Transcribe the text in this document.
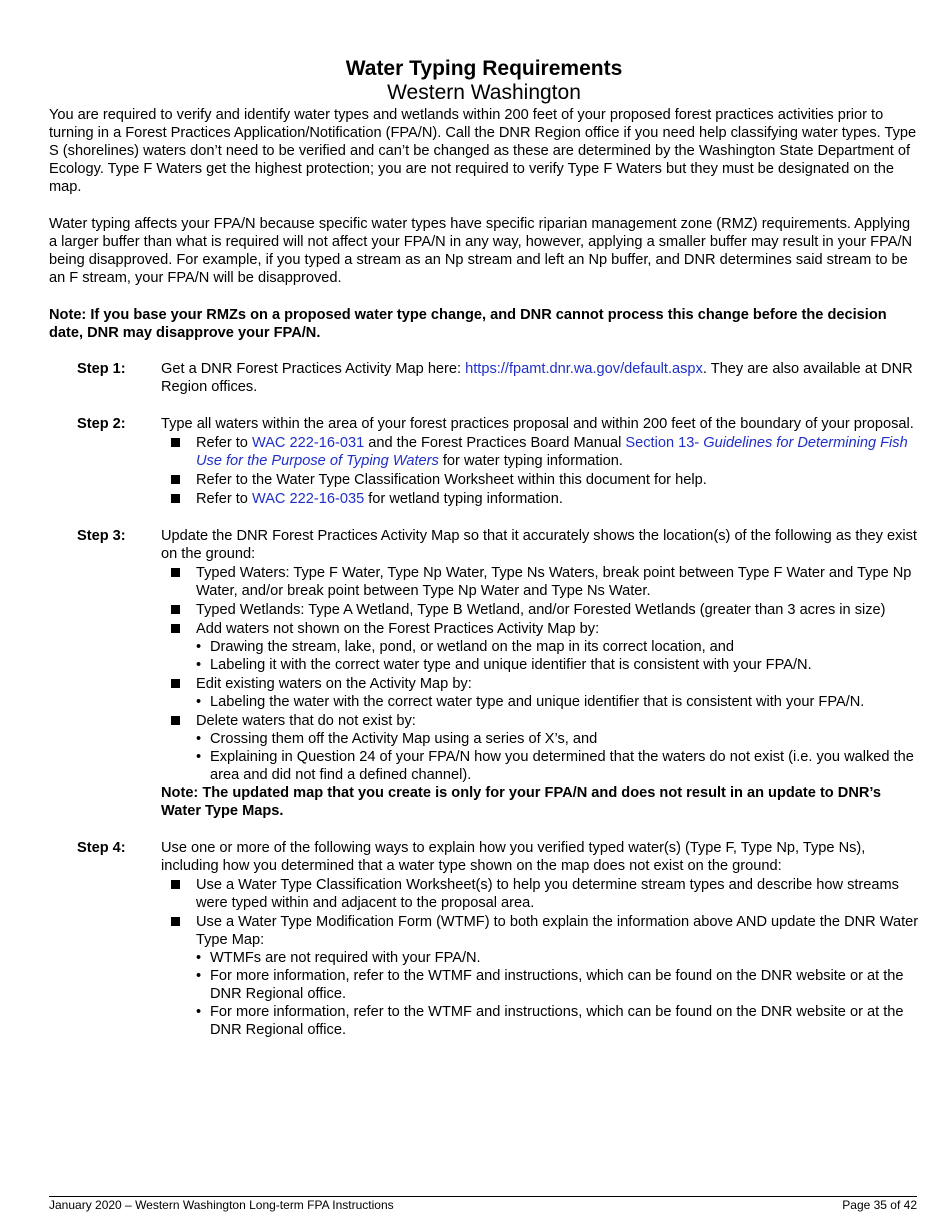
Water Typing Requirements
Western Washington

You are required to verify and identify water types and wetlands within 200 feet of your proposed forest practices activities prior to turning in a Forest Practices Application/Notification (FPA/N). Call the DNR Region office if you need help classifying water types. Type S (shorelines) waters don’t need to be verified and can’t be changed as these are determined by the Washington State Department of Ecology. Type F Waters get the highest protection; you are not required to verify Type F Waters but they must be designated on the map.

Water typing affects your FPA/N because specific water types have specific riparian management zone (RMZ) requirements. Applying a larger buffer than what is required will not affect your FPA/N in any way, however, applying a smaller buffer may result in your FPA/N being disapproved. For example, if you typed a stream as an Np stream and left an Np buffer, and DNR determines said stream to be an F stream, your FPA/N will be disapproved.

Note: If you base your RMZs on a proposed water type change, and DNR cannot process this change before the decision date, DNR may disapprove your FPA/N.

Step 1:	Get a DNR Forest Practices Activity Map here: https://fpamt.dnr.wa.gov/default.aspx. They are also available at DNR Region offices.
Step 2:	Type all waters within the area of your forest practices proposal and within 200 feet of the boundary of your proposal.

Refer to WAC 222-16-031 and the Forest Practices Board Manual Section 13- Guidelines for Determining Fish Use for the Purpose of Typing Waters for water typing information.
Refer to the Water Type Classification Worksheet within this document for help.
Refer to WAC 222-16-035 for wetland typing information.
Step 3:	Update the DNR Forest Practices Activity Map so that it accurately shows the location(s) of the following as they exist on the ground:

Typed Waters: Type F Water, Type Np Water, Type Ns Waters, break point between Type F Water and Type Np Water, and/or break point between Type Np Water and Type Ns Water.
Typed Wetlands: Type A Wetland, Type B Wetland, and/or Forested Wetlands (greater than 3 acres in size)
Add waters not shown on the Forest Practices Activity Map by:
•
Drawing the stream, lake, pond, or wetland on the map in its correct location, and
•
Labeling it with the correct water type and unique identifier that is consistent with your FPA/N.
Edit existing waters on the Activity Map by:
•
Labeling the water with the correct water type and unique identifier that is consistent with your FPA/N.
Delete waters that do not exist by:
•
Crossing them off the Activity Map using a series of X’s, and
•
Explaining in Question 24 of your FPA/N how you determined that the waters do not exist (i.e. you walked the area and did not find a defined channel).

Note: The updated map that you create is only for your FPA/N and does not result in an update to DNR’s Water Type Maps.

Step 4:	Use one or more of the following ways to explain how you verified typed water(s) (Type F, Type Np, Type Ns), including how you determined that a water type shown on the map does not exist on the ground:

Use a Water Type Classification Worksheet(s) to help you determine stream types and describe how streams were typed within and adjacent to the proposal area.
Use a Water Type Modification Form (WTMF) to both explain the information above AND update the DNR Water Type Map:
•
WTMFs are not required with your FPA/N.
•
For more information, refer to the WTMF and instructions, which can be found on the DNR website or at the DNR Regional office.
•
For more information, refer to the WTMF and instructions, which can be found on the DNR website or at the DNR Regional office.
January 2020 – Western Washington Long-term FPA Instructions	Page 35 of 42
